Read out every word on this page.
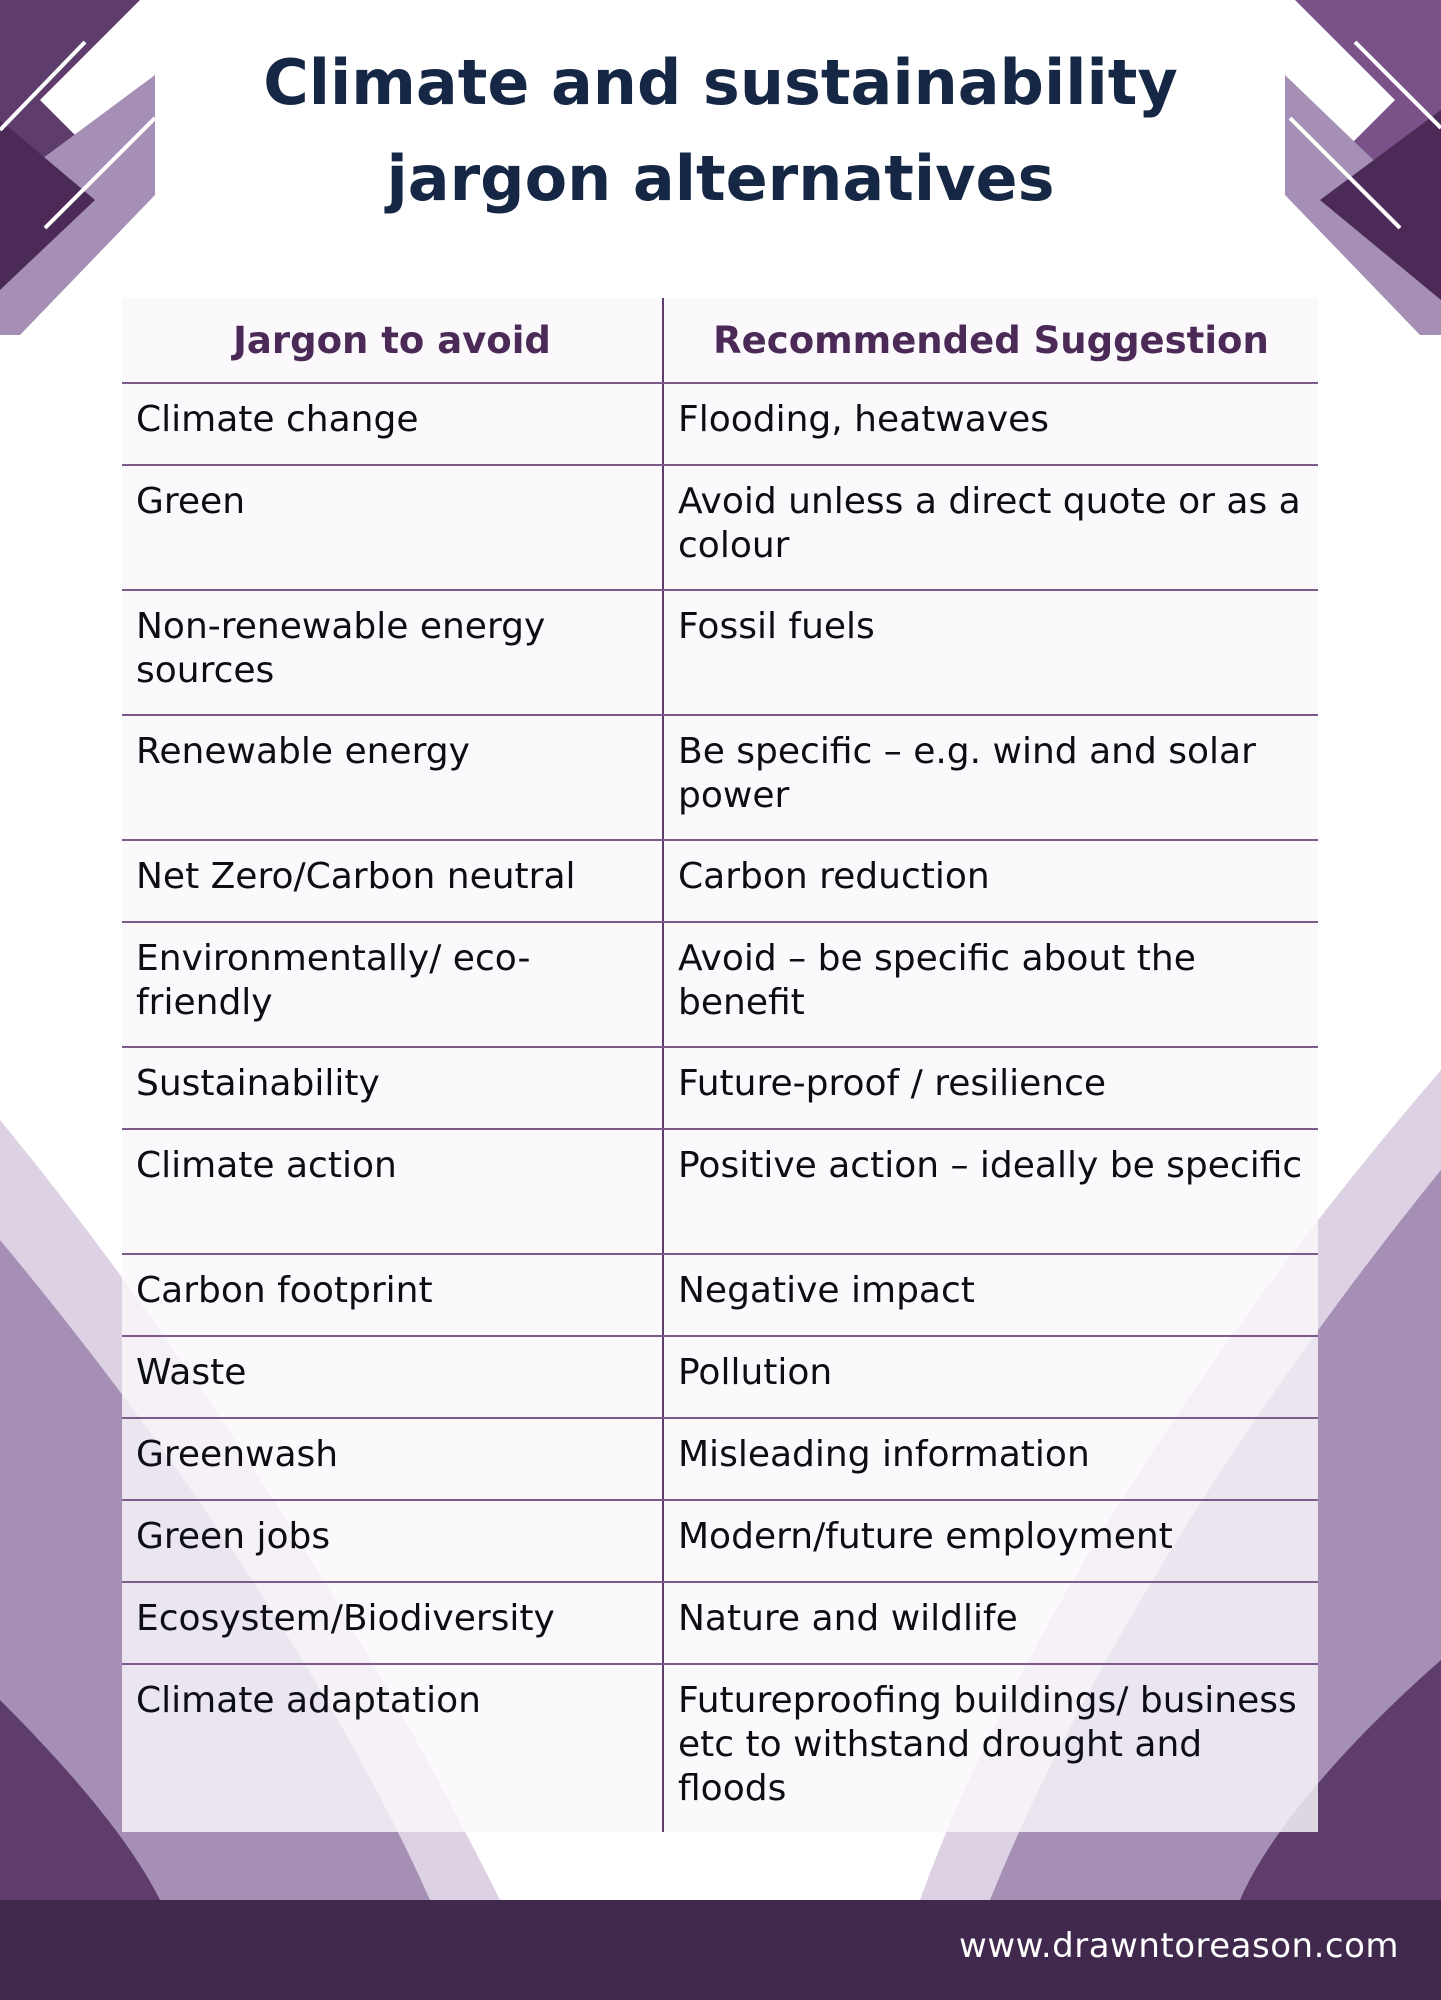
Climate and sustainability
jargon alternatives
Jargon to avoid	Recommended Suggestion
Climate change	Flooding, heatwaves
Green	Avoid unless a direct quote or as a colour
Non-renewable energy sources	Fossil fuels
Renewable energy	Be specific – e.g. wind and solar power
Net Zero/Carbon neutral	Carbon reduction
Environmentally/ eco-friendly	Avoid – be specific about the benefit
Sustainability	Future-proof / resilience
Climate action	Positive action – ideally be specific
Carbon footprint	Negative impact
Waste	Pollution
Greenwash	Misleading information
Green jobs	Modern/future employment
Ecosystem/Biodiversity	Nature and wildlife
Climate adaptation	Futureproofing buildings/ business etc to withstand drought and floods
www.drawntoreason.com
